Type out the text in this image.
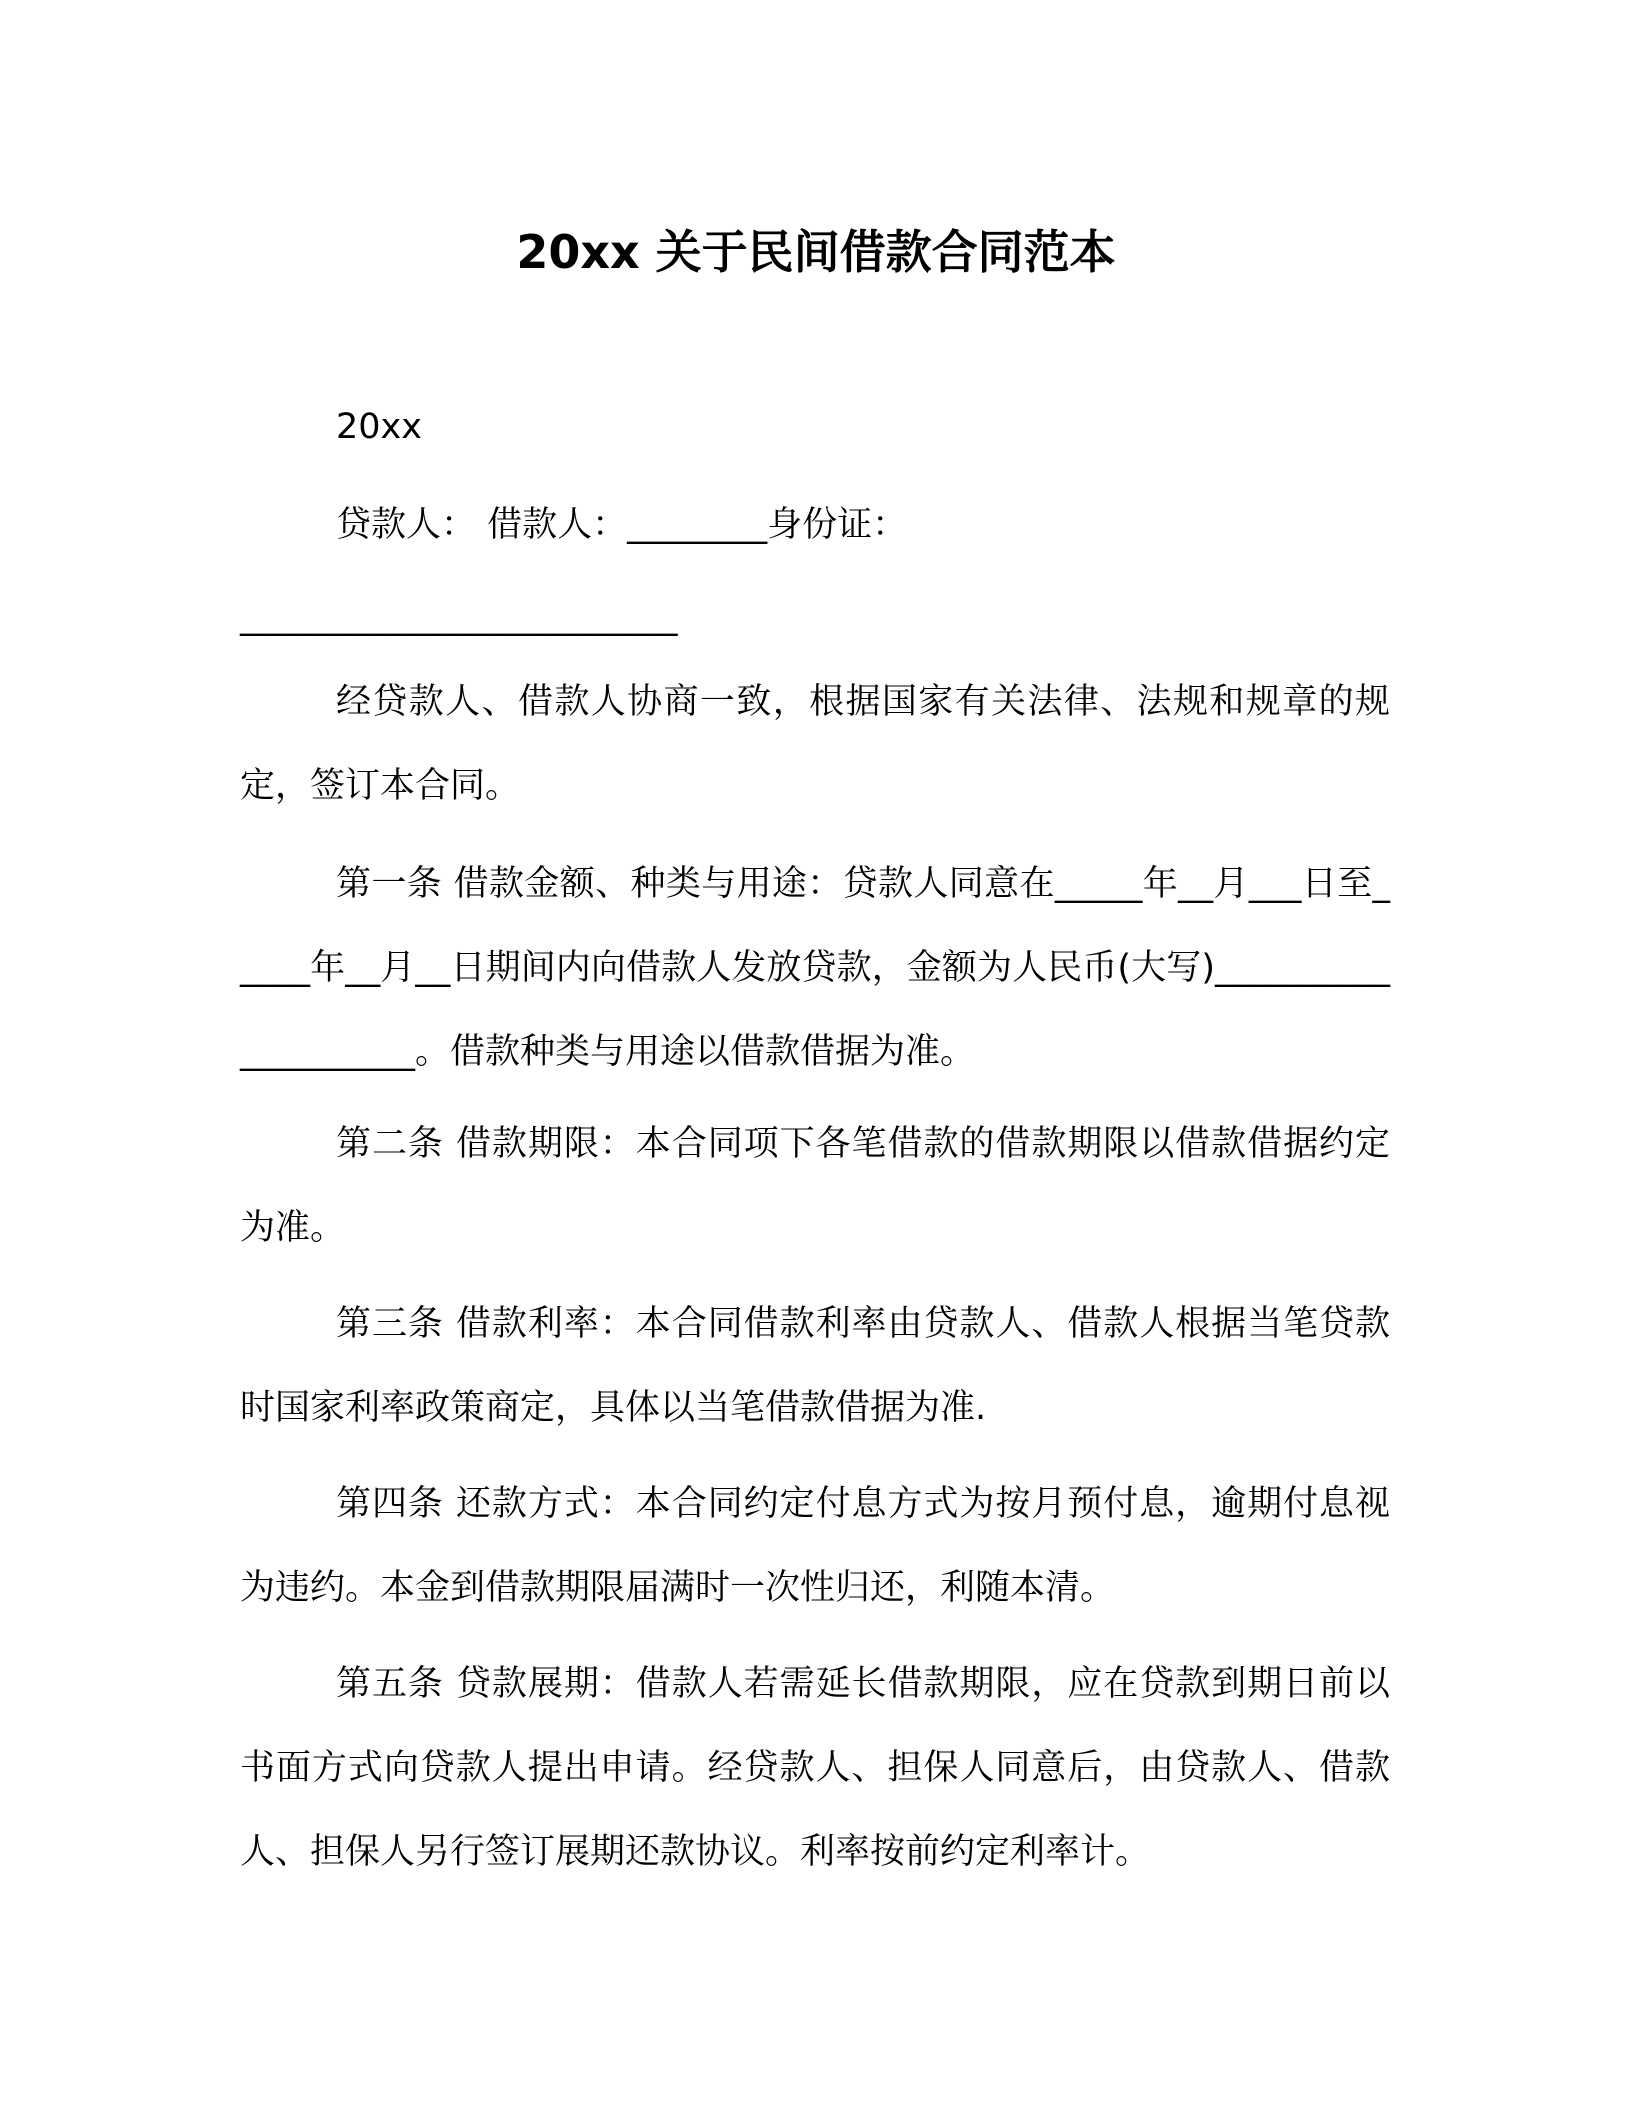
20xx 关于民间借款合同范本
20xx
贷款人： 借款人：________身份证：
_________________________
经贷款人、借款人协商一致，根据国家有关法律、法规和规章的规定，签订本合同。
第一条 借款金额、种类与用途：贷款人同意在_____年__月___日至_____年__月__日期间内向借款人发放贷款，金额为人民币(大写)____________________。借款种类与用途以借款借据为准。
第二条 借款期限：本合同项下各笔借款的借款期限以借款借据约定为准。
第三条 借款利率：本合同借款利率由贷款人、借款人根据当笔贷款时国家利率政策商定，具体以当笔借款借据为准.
第四条 还款方式：本合同约定付息方式为按月预付息，逾期付息视为违约。本金到借款期限届满时一次性归还，利随本清。
第五条 贷款展期：借款人若需延长借款期限，应在贷款到期日前以书面方式向贷款人提出申请。经贷款人、担保人同意后，由贷款人、借款人、担保人另行签订展期还款协议。利率按前约定利率计。
